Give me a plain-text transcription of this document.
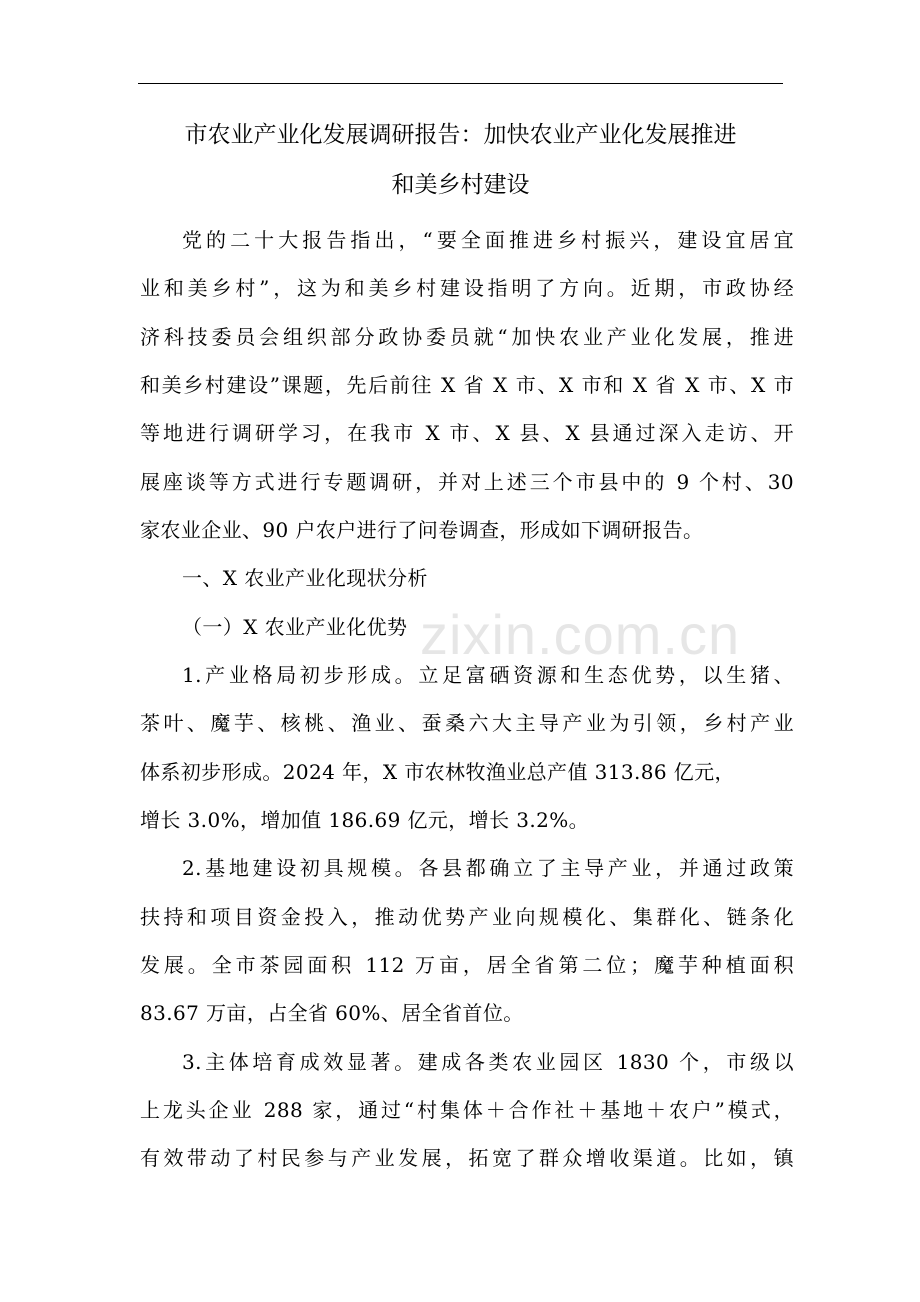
市农业产业化发展调研报告：加快农业产业化发展推进
和美乡村建设
党的二十大报告指出，“要全面推进乡村振兴，建设宜居宜
业和美乡村”，这为和美乡村建设指明了方向。近期，市政协经
济科技委员会组织部分政协委员就“加快农业产业化发展，推进
和美乡村建设”课题，先后前往 X 省 X 市、X 市和 X 省 X 市、X 市
等地进行调研学习，在我市 X 市、X 县、X 县通过深入走访、开
展座谈等方式进行专题调研，并对上述三个市县中的 9 个村、30
家农业企业、90 户农户进行了问卷调查，形成如下调研报告。
一、X 农业产业化现状分析
（一）X 农业产业化优势
1.产业格局初步形成。立足富硒资源和生态优势，以生猪、
茶叶、魔芋、核桃、渔业、蚕桑六大主导产业为引领，乡村产业
体系初步形成。2024 年，X 市农林牧渔业总产值 313.86 亿元，
增长 3.0%，增加值 186.69 亿元，增长 3.2%。
2.基地建设初具规模。各县都确立了主导产业，并通过政策
扶持和项目资金投入，推动优势产业向规模化、集群化、链条化
发展。全市茶园面积 112 万亩，居全省第二位；魔芋种植面积
83.67 万亩，占全省 60%、居全省首位。
3.主体培育成效显著。建成各类农业园区 1830 个，市级以
上龙头企业 288 家，通过“村集体＋合作社＋基地＋农户”模式，
有效带动了村民参与产业发展，拓宽了群众增收渠道。比如，镇
zixin.com.cn
